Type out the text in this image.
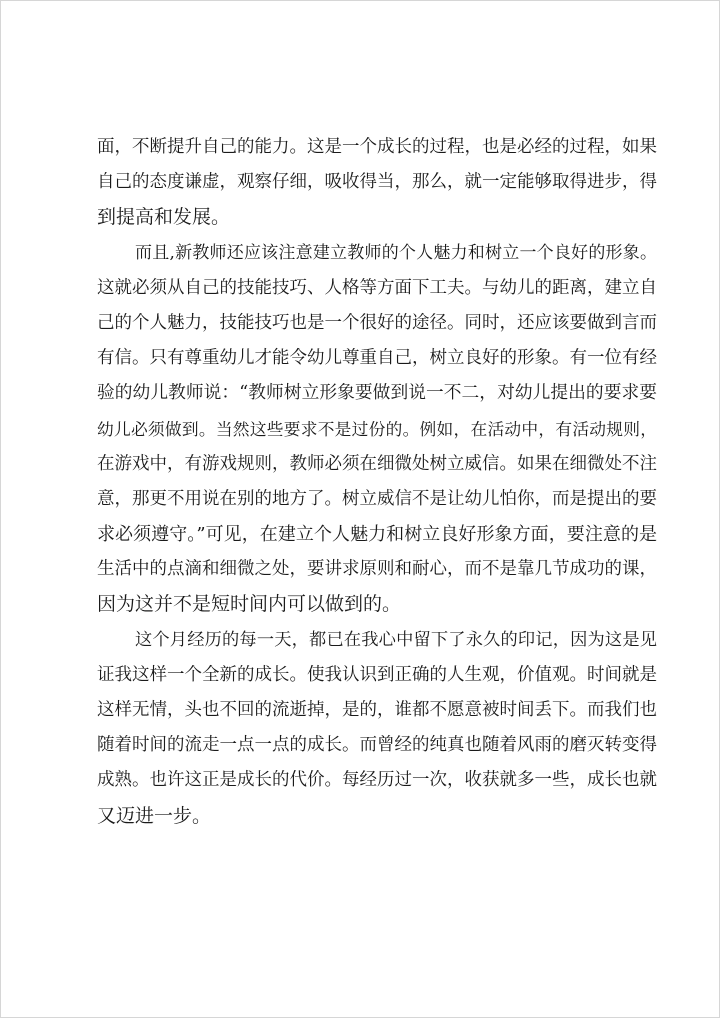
面，不断提升自己的能力。这是一个成长的过程，也是必经的过程，如果
自己的态度谦虚，观察仔细，吸收得当，那么，就一定能够取得进步，得
到提高和发展。
而且,新教师还应该注意建立教师的个人魅力和树立一个良好的形象。
这就必须从自己的技能技巧、人格等方面下工夫。与幼儿的距离，建立自
己的个人魅力，技能技巧也是一个很好的途径。同时，还应该要做到言而
有信。只有尊重幼儿才能令幼儿尊重自己，树立良好的形象。有一位有经
验的幼儿教师说：“教师树立形象要做到说一不二，对幼儿提出的要求要
幼儿必须做到。当然这些要求不是过份的。例如，在活动中，有活动规则，
在游戏中，有游戏规则，教师必须在细微处树立威信。如果在细微处不注
意，那更不用说在别的地方了。树立威信不是让幼儿怕你，而是提出的要
求必须遵守。”可见，在建立个人魅力和树立良好形象方面，要注意的是
生活中的点滴和细微之处，要讲求原则和耐心，而不是靠几节成功的课，
因为这并不是短时间内可以做到的。
这个月经历的每一天，都已在我心中留下了永久的印记，因为这是见
证我这样一个全新的成长。使我认识到正确的人生观，价值观。时间就是
这样无情，头也不回的流逝掉，是的，谁都不愿意被时间丢下。而我们也
随着时间的流走一点一点的成长。而曾经的纯真也随着风雨的磨灭转变得
成熟。也许这正是成长的代价。每经历过一次，收获就多一些，成长也就
又迈进一步。
